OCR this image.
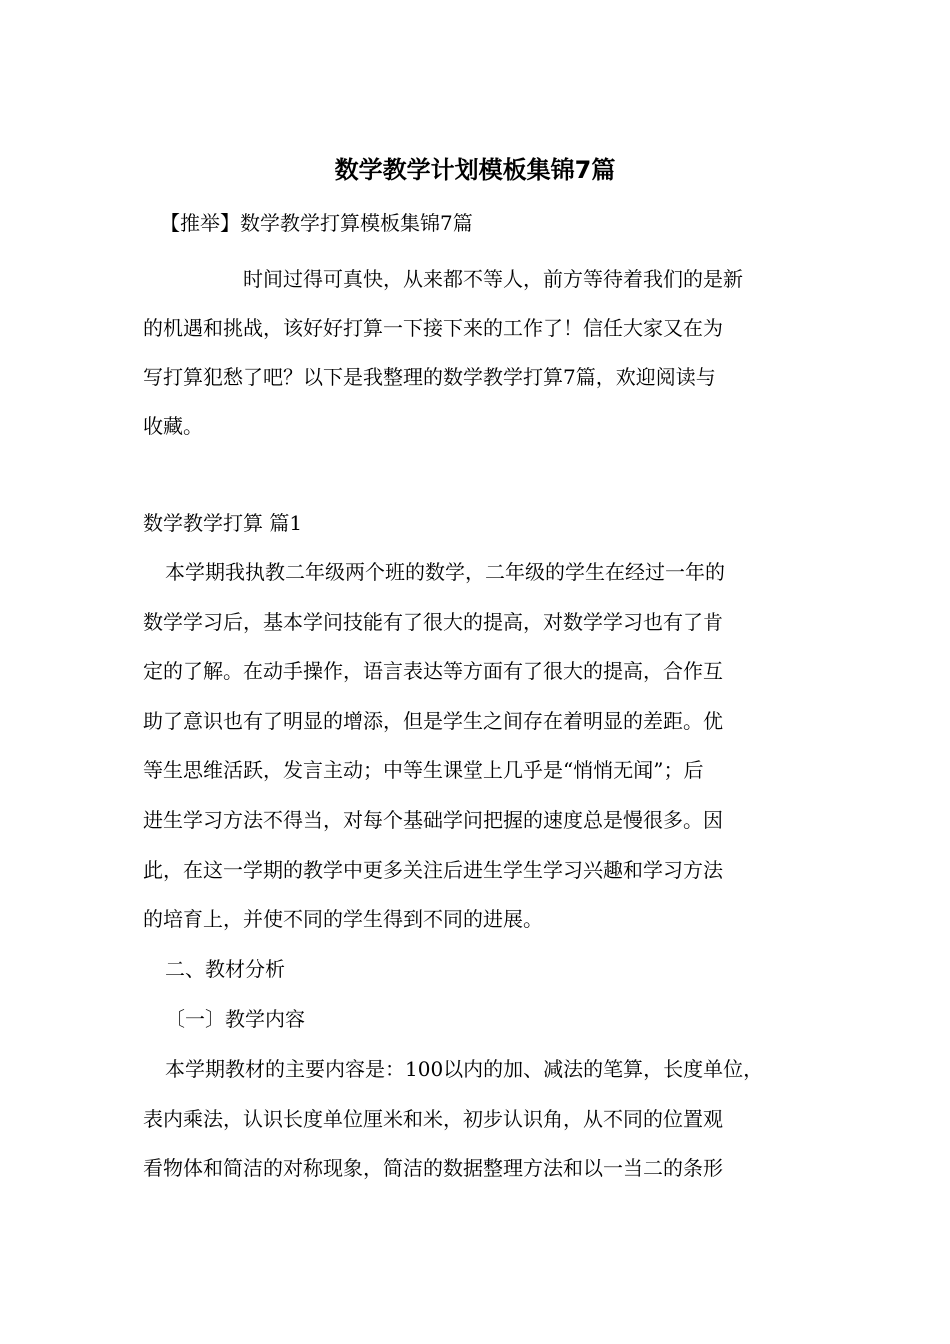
数学教学计划模板集锦7篇

【推举】数学教学打算模板集锦7篇

时间过得可真快，从来都不等人，前方等待着我们的是新
的机遇和挑战，该好好打算一下接下来的工作了！信任大家又在为
写打算犯愁了吧？以下是我整理的数学教学打算7篇，欢迎阅读与
收藏。

数学教学打算 篇1

本学期我执教二年级两个班的数学，二年级的学生在经过一年的
数学学习后，基本学问技能有了很大的提高，对数学学习也有了肯
定的了解。在动手操作，语言表达等方面有了很大的提高，合作互
助了意识也有了明显的增添，但是学生之间存在着明显的差距。优
等生思维活跃，发言主动；中等生课堂上几乎是“悄悄无闻”；后
进生学习方法不得当，对每个基础学问把握的速度总是慢很多。因
此，在这一学期的教学中更多关注后进生学生学习兴趣和学习方法
的培育上，并使不同的学生得到不同的进展。
二、教材分析
〔一〕教学内容
本学期教材的主要内容是：100以内的加、减法的笔算，长度单位，
表内乘法，认识长度单位厘米和米，初步认识角，从不同的位置观
看物体和简洁的对称现象，简洁的数据整理方法和以一当二的条形
